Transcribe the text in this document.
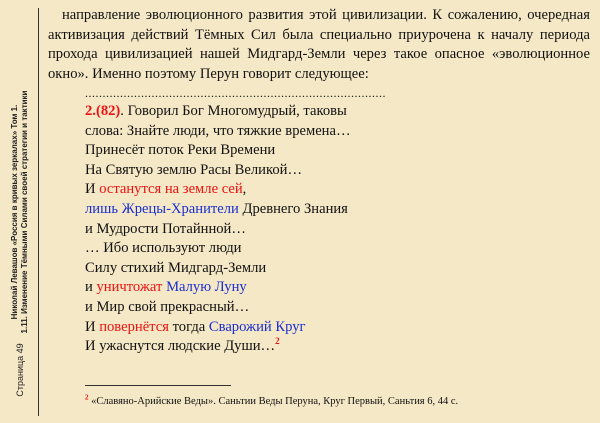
Николай Левашов «Россия в кривых зеркалах» Том 1. 1.11. Изменение Тёмными Силами своей стратегии и тактики
Страница 49

направление эволюционного развития этой цивилизации. К сожалению, очередная активизация действий Тёмных Сил была специально приурочена к началу периода прохода цивилизацией нашей Мидгард-Земли через такое опасное «эволюционное окно». Именно поэтому Перун говорит следующее:

......................................................................................
2.(82). Говорил Бог Многомудрый, таковы
слова: Знайте люди, что тяжкие времена…
Принесёт поток Реки Времени
На Святую землю Расы Великой…
И останутся на земле сей,
лишь Жрецы-Хранители Древнего Знания
и Мудрости Потайнной…
… Ибо используют люди
Силу стихий Мидгард-Земли
и уничтожат Малую Луну
и Мир свой прекрасный…
И повернётся тогда Сварожий Круг
И ужаснутся людские Души…$^2$
$^2$ «Славяно-Арийские Веды». Саньтии Веды Перуна, Круг Первый, Саньтия 6, 44 с.
